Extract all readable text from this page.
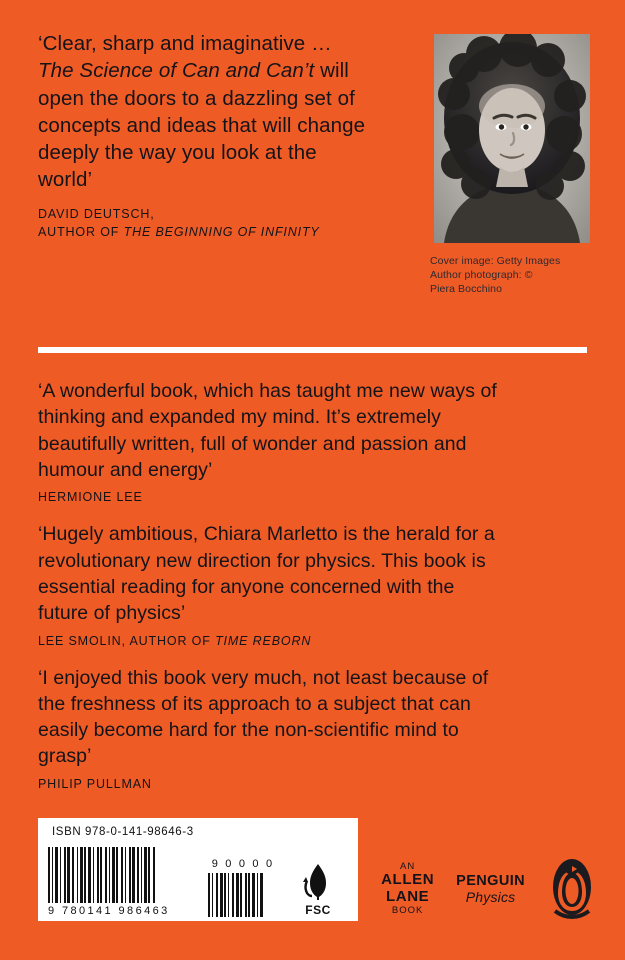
‘Clear, sharp and imaginative … The Science of Can and Can’t will open the doors to a dazzling set of concepts and ideas that will change deeply the way you look at the world’
DAVID DEUTSCH,
AUTHOR OF THE BEGINNING OF INFINITY
Cover image: Getty Images
Author photograph: ©
Piera Bocchino
‘A wonderful book, which has taught me new ways of thinking and expanded my mind. It’s extremely beautifully written, full of wonder and passion and humour and energy’
HERMIONE LEE
‘Hugely ambitious, Chiara Marletto is the herald for a revolutionary new direction for physics. This book is essential reading for anyone concerned with the future of physics’
LEE SMOLIN, AUTHOR OF TIME REBORN
‘I enjoyed this book very much, not least because of the freshness of its approach to a subject that can easily become hard for the non-scientific mind to grasp’
PHILIP PULLMAN
ISBN 978-0-141-98646-3
9 780141 986463
9 0 0 0 0
FSC
AN
ALLEN
LANE
BOOK
PENGUIN
Physics
